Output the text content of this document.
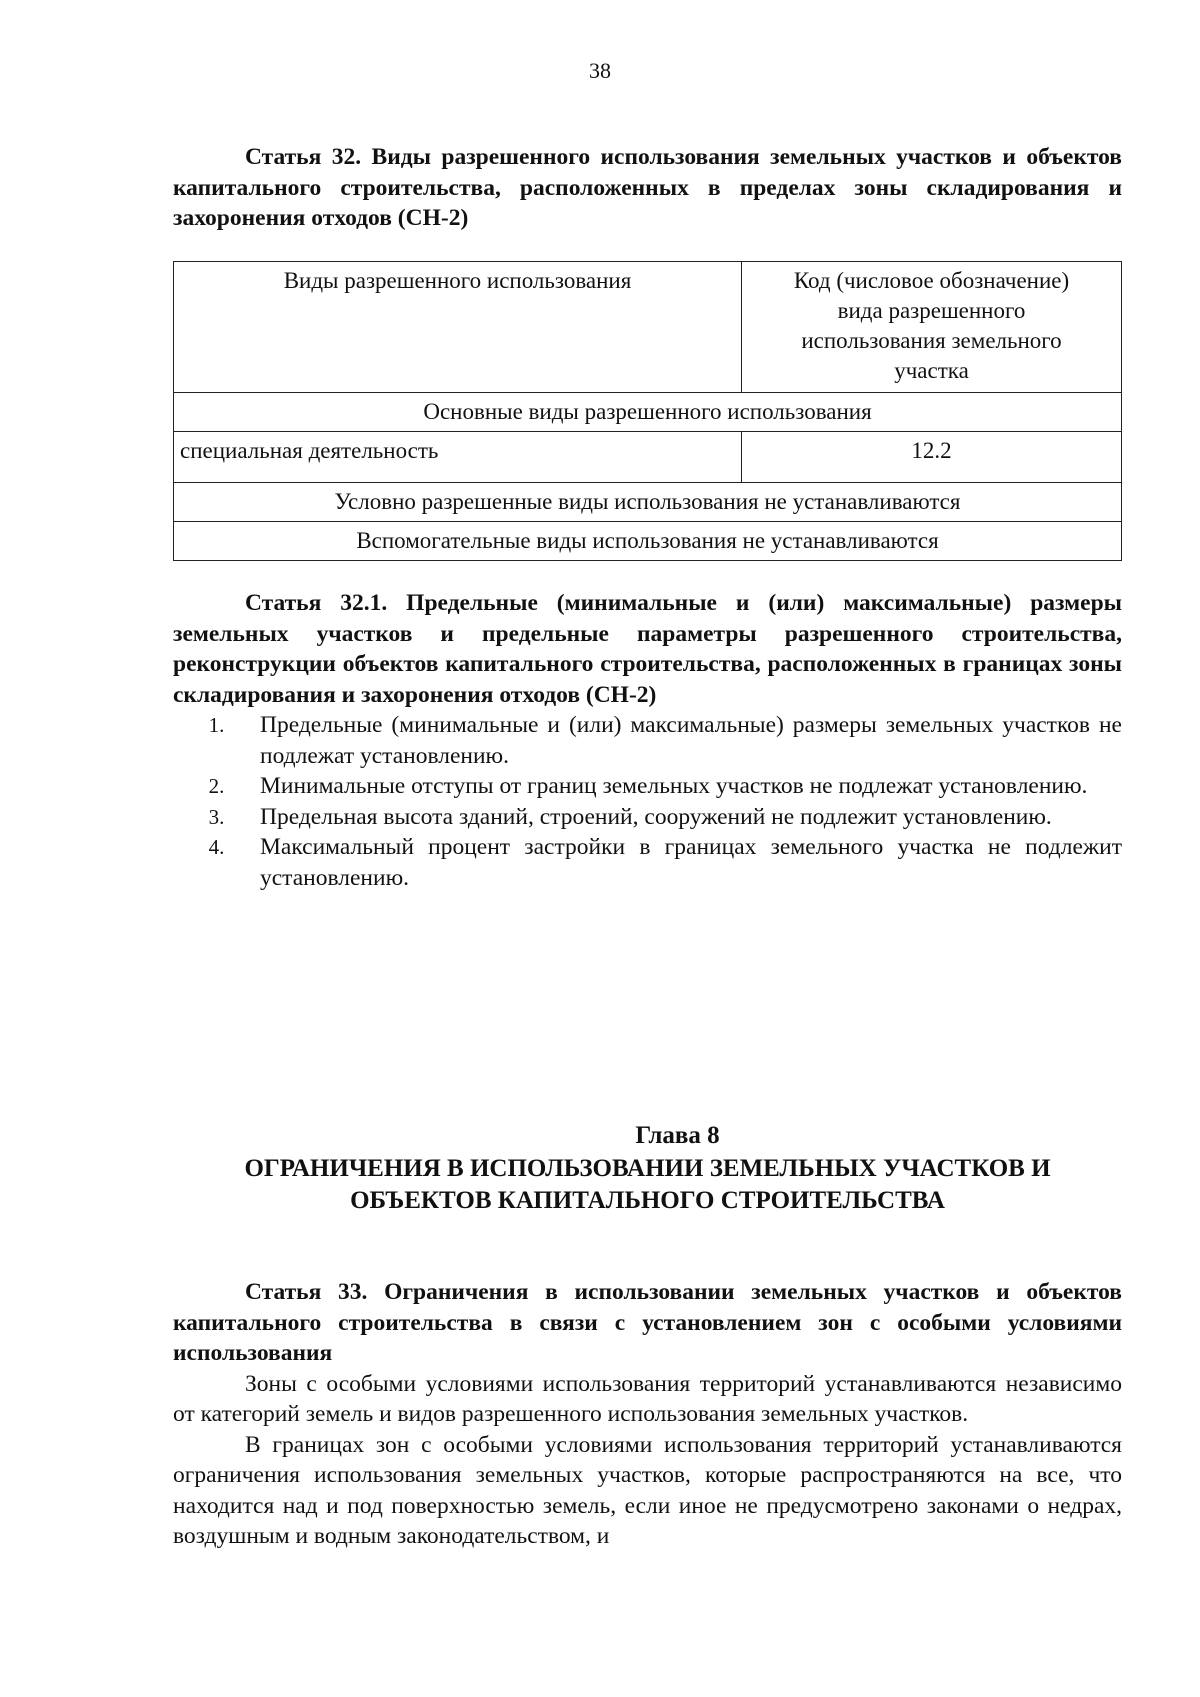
38
Статья 32. Виды разрешенного использования земельных участков и объектов капитального строительства, расположенных в пределах зоны складирования и захоронения отходов (СН-2)
Виды разрешенного использования	Код (числовое обозначение) вида разрешенного использования земельного участка
Основные виды разрешенного использования	
специальная деятельность	12.2
Условно разрешенные виды использования не устанавливаются	
Вспомогательные виды использования не устанавливаются	
Статья 32.1. Предельные (минимальные и (или) максимальные) размеры земельных участков и предельные параметры разрешенного строительства, реконструкции объектов капитального строительства, расположенных в границах зоны складирования и захоронения отходов (СН-2)
1.	Предельные (минимальные и (или) максимальные) размеры земельных участков не подлежат установлению.
2.	Минимальные отступы от границ земельных участков не подлежат установлению.
3.	Предельная высота зданий, строений, сооружений не подлежит установлению.
4.	Максимальный процент застройки в границах земельного участка не подлежит установлению.
Глава 8
ОГРАНИЧЕНИЯ В ИСПОЛЬЗОВАНИИ ЗЕМЕЛЬНЫХ УЧАСТКОВ И ОБЪЕКТОВ КАПИТАЛЬНОГО СТРОИТЕЛЬСТВА
Статья 33. Ограничения в использовании земельных участков и объектов капитального строительства в связи с установлением зон с особыми условиями использования

Зоны с особыми условиями использования территорий устанавливаются независимо от категорий земель и видов разрешенного использования земельных участков.

В границах зон с особыми условиями использования территорий устанавливаются ограничения использования земельных участков, которые распространяются на все, что находится над и под поверхностью земель, если иное не предусмотрено законами о недрах, воздушным и водным законодательством, и
